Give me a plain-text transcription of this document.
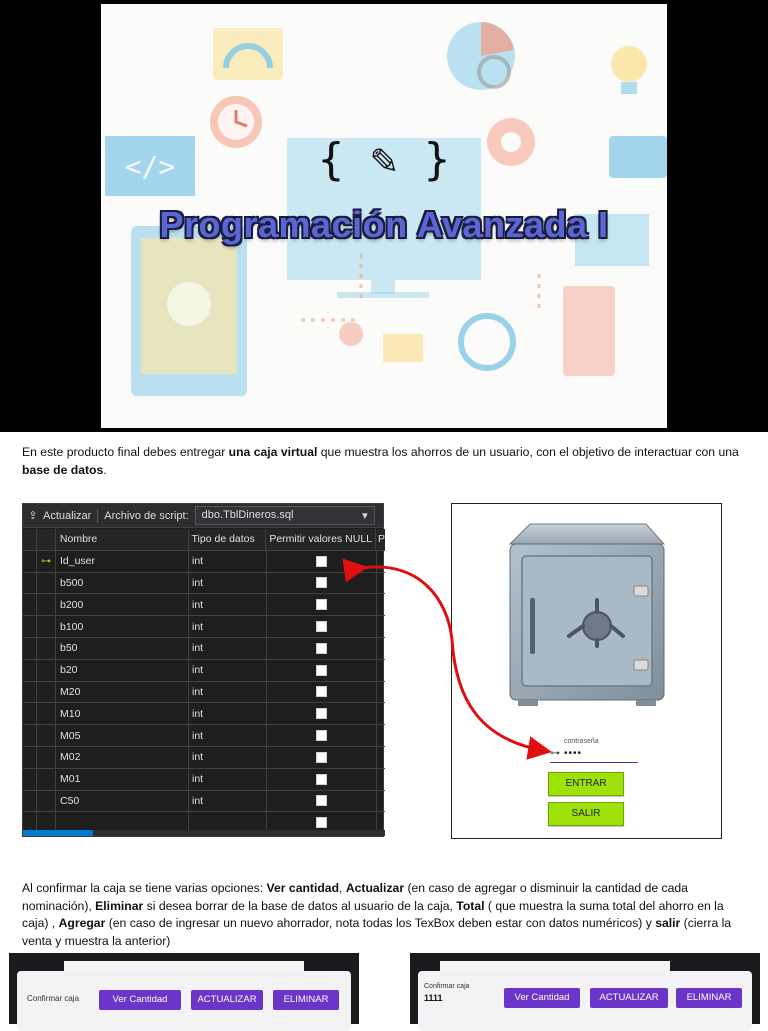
</>	{ ✎ }
Programación Avanzada I
En este producto final debes entregar una caja virtual que muestra los ahorros de un usuario, con el objetivo de interactuar con una base de datos.
⇪ Actualizar Archivo de script: dbo.TblDineros.sql	▾
Nombre	Tipo de datos	Permitir valores NULL P
⊶ Id_user	int
b500	int
b200	int
b100	int
b50	int
b20	int
M20	int
M10	int
M05	int
M02	int
M01	int
C50	int
contraseña
⊶ ••••
ENTRAR
SALIR
Al confirmar la caja se tiene varias opciones: Ver cantidad, Actualizar (en caso de agregar o disminuir la cantidad de cada nominación), Eliminar si desea borrar de la base de datos al usuario de la caja, Total ( que muestra la suma total del ahorro en la caja) , Agregar (en caso de ingresar un nuevo ahorrador, nota todas los TexBox deben estar con datos numéricos) y salir (cierra la venta y muestra la anterior)
Confirmar caja	Ver Cantidad	ACTUALIZAR	ELIMINAR
Confirmar caja
1111	Ver Cantidad	ACTUALIZAR	ELIMINAR
